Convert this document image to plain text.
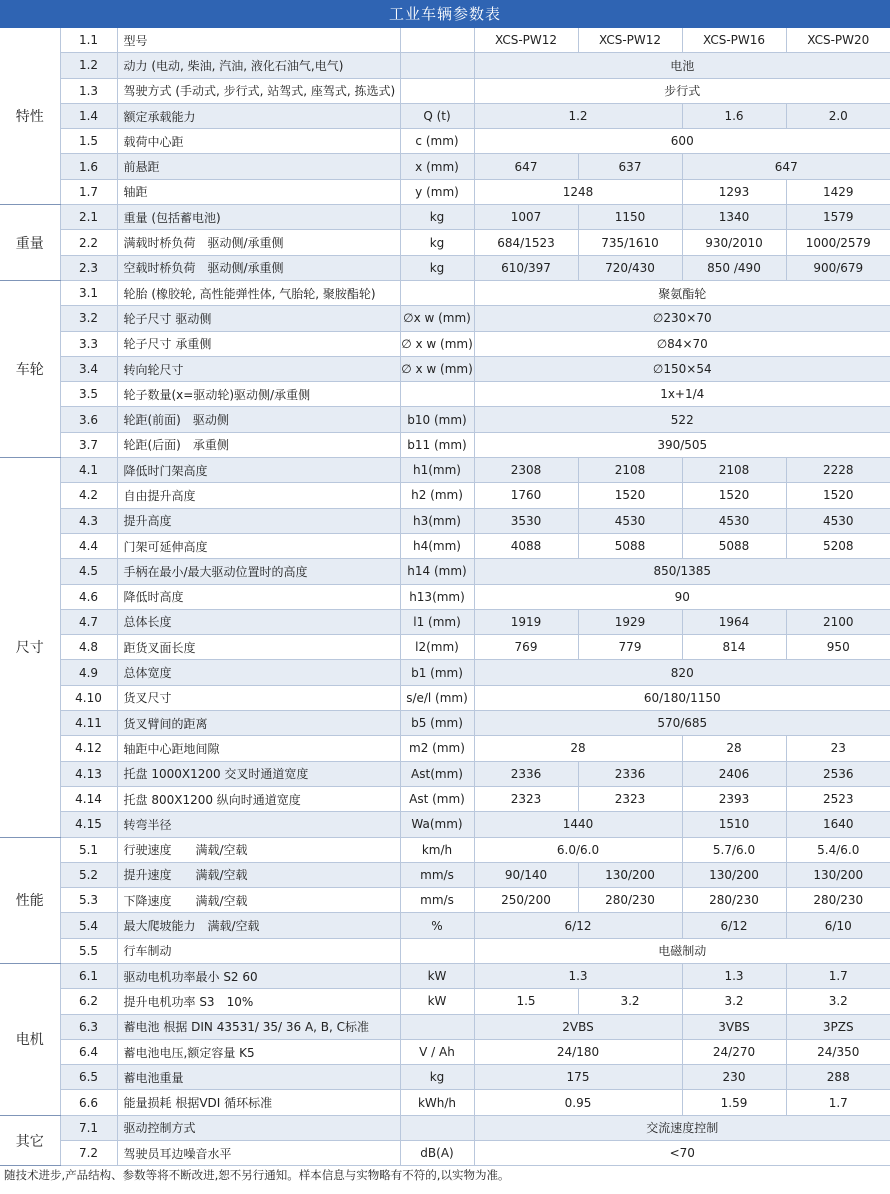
工业车辆参数表
特性	1.1	型号		XCS-PW12	XCS-PW12	XCS-PW16	XCS-PW20
	1.2	动力 (电动, 柴油, 汽油, 液化石油气,电气)		电池			
	1.3	驾驶方式 (手动式, 步行式, 站驾式, 座驾式, 拣选式)		步行式			
	1.4	额定承载能力	Q (t)	1.2		1.6	2.0
	1.5	载荷中心距	c (mm)	600			
	1.6	前悬距	x (mm)	647	637	647	
	1.7	轴距	y (mm)	1248		1293	1429
重量	2.1	重量 (包括蓄电池)	kg	1007	1150	1340	1579
	2.2	满载时桥负荷　驱动侧/承重侧	kg	684/1523	735/1610	930/2010	1000/2579
	2.3	空载时桥负荷　驱动侧/承重侧	kg	610/397	720/430	850 /490	900/679
车轮	3.1	轮胎 (橡胶轮, 高性能弹性体, 气胎轮, 聚胺酯轮)		聚氨酯轮			
	3.2	轮子尺寸 驱动侧	∅x w (mm)	∅230×70			
	3.3	轮子尺寸 承重侧	∅ x w (mm)	∅84×70			
	3.4	转向轮尺寸	∅ x w (mm)	∅150×54			
	3.5	轮子数量(x=驱动轮)驱动侧/承重侧		1x+1/4			
	3.6	轮距(前面)　驱动侧	b10 (mm)	522			
	3.7	轮距(后面)　承重侧	b11 (mm)	390/505			
尺寸	4.1	降低时门架高度	h1(mm)	2308	2108	2108	2228
	4.2	自由提升高度	h2 (mm)	1760	1520	1520	1520
	4.3	提升高度	h3(mm)	3530	4530	4530	4530
	4.4	门架可延伸高度	h4(mm)	4088	5088	5088	5208
	4.5	手柄在最小/最大驱动位置时的高度	h14 (mm)	850/1385			
	4.6	降低时高度	h13(mm)	90			
	4.7	总体长度	l1 (mm)	1919	1929	1964	2100
	4.8	距货叉面长度	l2(mm)	769	779	814	950
	4.9	总体宽度	b1 (mm)	820			
	4.10	货叉尺寸	s/e/l (mm)	60/180/1150			
	4.11	货叉臂间的距离	b5 (mm)	570/685			
	4.12	轴距中心距地间隙	m2 (mm)	28		28	23
	4.13	托盘 1000X1200 交叉时通道宽度	Ast(mm)	2336	2336	2406	2536
	4.14	托盘 800X1200 纵向时通道宽度	Ast (mm)	2323	2323	2393	2523
	4.15	转弯半径	Wa(mm)	1440		1510	1640
性能	5.1	行驶速度　　满载/空载	km/h	6.0/6.0		5.7/6.0	5.4/6.0
	5.2	提升速度　　满载/空载	mm/s	90/140	130/200	130/200	130/200
	5.3	下降速度　　满载/空载	mm/s	250/200	280/230	280/230	280/230
	5.4	最大爬坡能力　满载/空载	%	6/12		6/12	6/10
	5.5	行车制动		电磁制动			
电机	6.1	驱动电机功率最小 S2 60	kW	1.3		1.3	1.7
	6.2	提升电机功率 S3　10%	kW	1.5	3.2	3.2	3.2
	6.3	蓄电池 根据 DIN 43531/ 35/ 36 A, B, C标准		2VBS		3VBS	3PZS
	6.4	蓄电池电压,额定容量 K5	V / Ah	24/180		24/270	24/350
	6.5	蓄电池重量	kg	175		230	288
	6.6	能量损耗 根据VDI 循环标准	kWh/h	0.95		1.59	1.7
其它	7.1	驱动控制方式		交流速度控制			
	7.2	驾驶员耳边噪音水平	dB(A)	<70			
随技术进步,产品结构、参数等将不断改进,恕不另行通知。样本信息与实物略有不符的,以实物为准。
